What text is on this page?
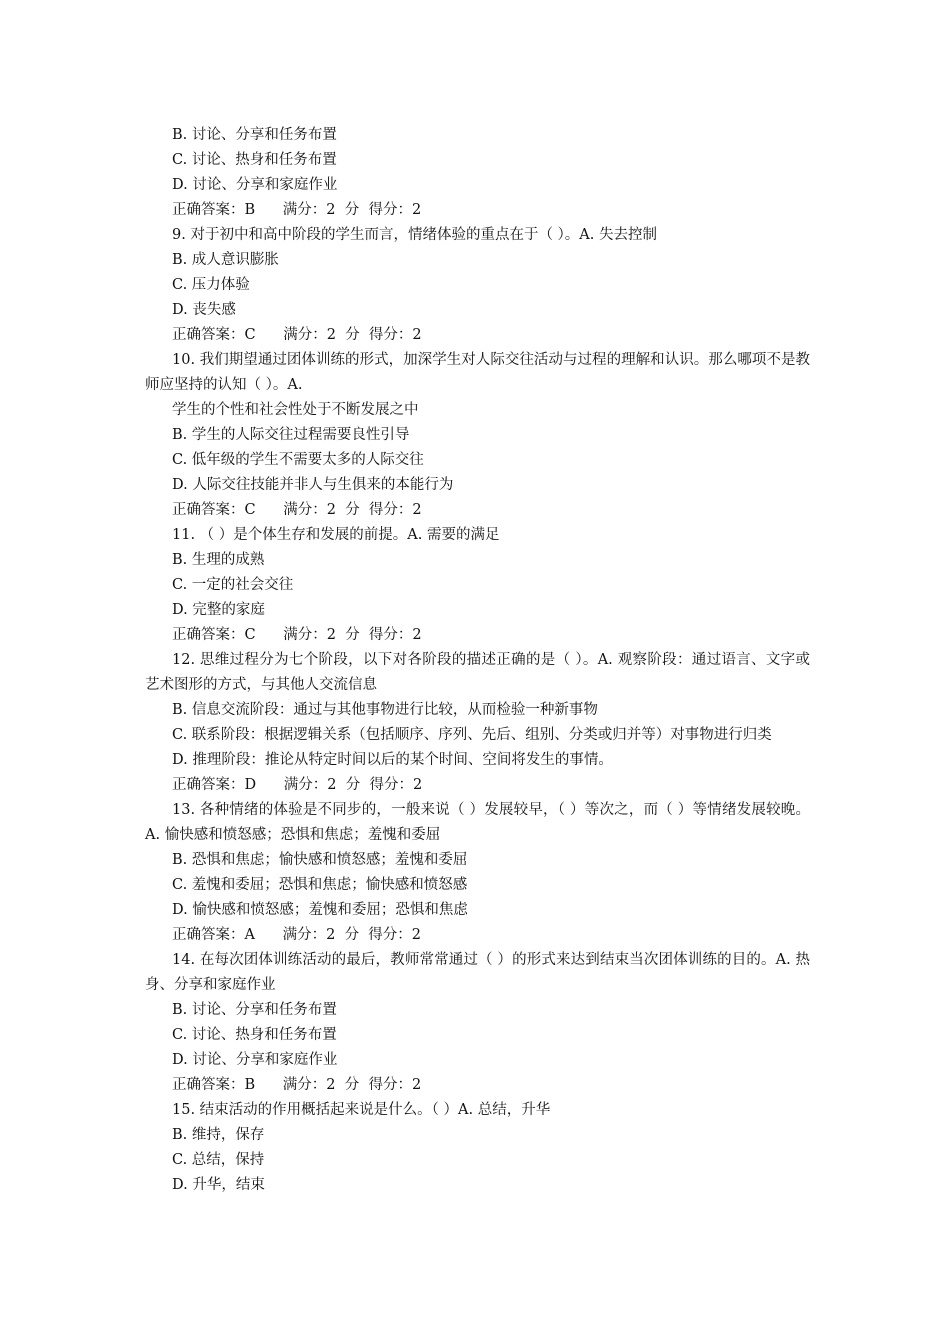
B. 讨论、分享和任务布置
C. 讨论、热身和任务布置
D. 讨论、分享和家庭作业
正确答案：B      满分：2  分  得分：2
9. 对于初中和高中阶段的学生而言，情绪体验的重点在于（ ）。A. 失去控制
B. 成人意识膨胀
C. 压力体验
D. 丧失感
正确答案：C      满分：2  分  得分：2
10. 我们期望通过团体训练的形式，加深学生对人际交往活动与过程的理解和认识。那么哪项不是教师应坚持的认知（ ）。A.
学生的个性和社会性处于不断发展之中
B. 学生的人际交往过程需要良性引导
C. 低年级的学生不需要太多的人际交往
D. 人际交往技能并非人与生俱来的本能行为
正确答案：C      满分：2  分  得分：2
11. （ ）是个体生存和发展的前提。A. 需要的满足
B. 生理的成熟
C. 一定的社会交往
D. 完整的家庭
正确答案：C      满分：2  分  得分：2
12. 思维过程分为七个阶段，以下对各阶段的描述正确的是（ ）。A. 观察阶段：通过语言、文字或艺术图形的方式，与其他人交流信息
B. 信息交流阶段：通过与其他事物进行比较，从而检验一种新事物
C. 联系阶段：根据逻辑关系（包括顺序、序列、先后、组别、分类或归并等）对事物进行归类
D. 推理阶段：推论从特定时间以后的某个时间、空间将发生的事情。
正确答案：D      满分：2  分  得分：2
13. 各种情绪的体验是不同步的，一般来说（ ）发展较早，（ ）等次之，而（ ）等情绪发展较晚。A. 愉快感和愤怒感；恐惧和焦虑；羞愧和委屈
B. 恐惧和焦虑；愉快感和愤怒感；羞愧和委屈
C. 羞愧和委屈；恐惧和焦虑；愉快感和愤怒感
D. 愉快感和愤怒感；羞愧和委屈；恐惧和焦虑
正确答案：A      满分：2  分  得分：2
14. 在每次团体训练活动的最后，教师常常通过（ ）的形式来达到结束当次团体训练的目的。A. 热身、分享和家庭作业
B. 讨论、分享和任务布置
C. 讨论、热身和任务布置
D. 讨论、分享和家庭作业
正确答案：B      满分：2  分  得分：2
15. 结束活动的作用概括起来说是什么。（ ）A. 总结，升华
B. 维持，保存
C. 总结，保持
D. 升华，结束
